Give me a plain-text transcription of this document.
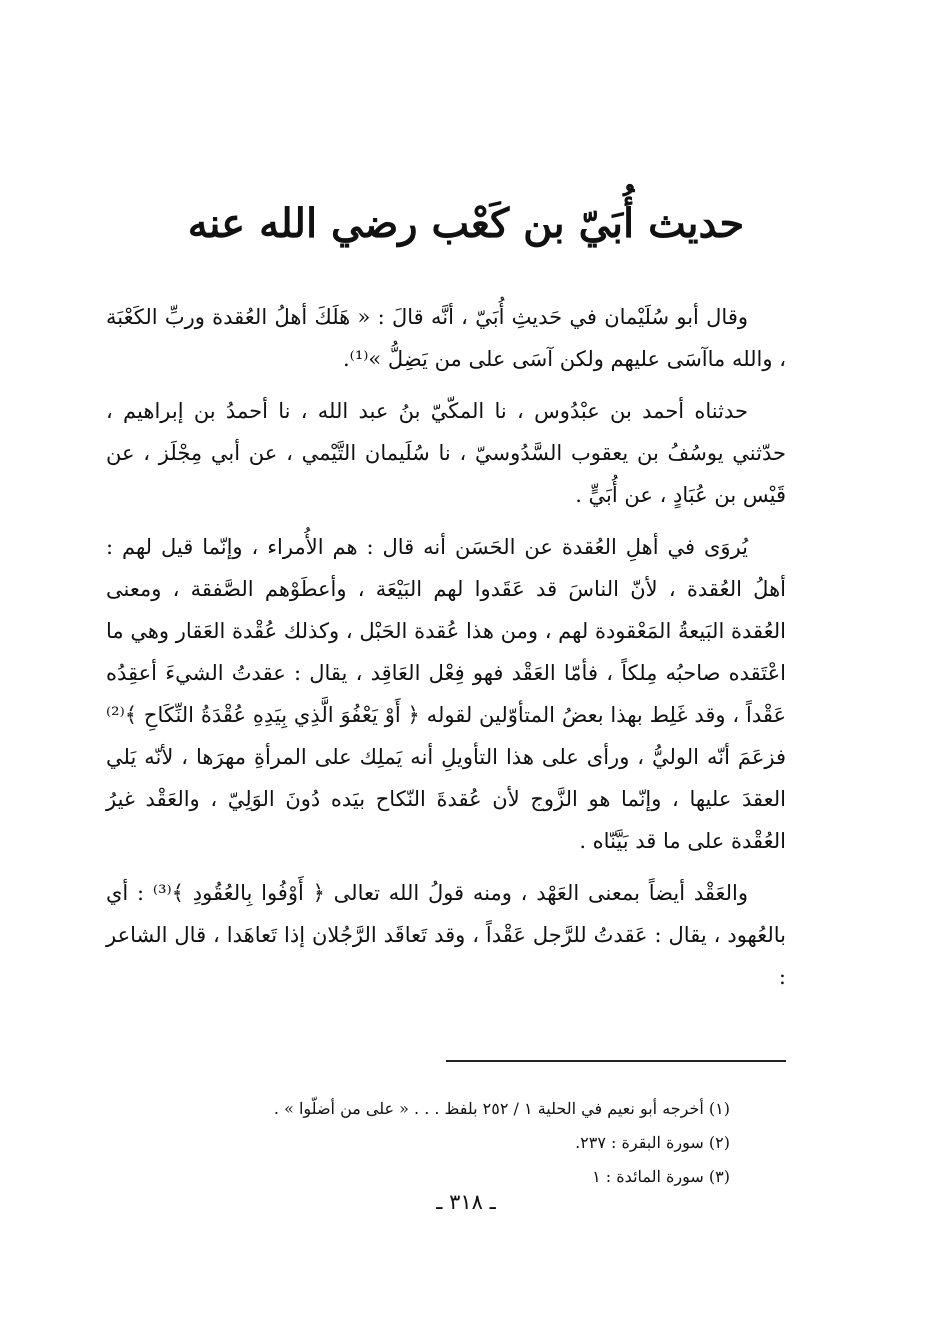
حديث أُبَيّ بن كَعْب رضي الله عنه

وقال أبو سُلَيْمان في حَديثِ أُبَيّ ، أنَّه قالَ : « هَلَكَ أهلُ العُقدة وربِّ الكَعْبَة ، والله ماآسَى عليهم ولكن آسَى على من يَضِلُّ »⁽¹⁾.

حدثناه أحمد بن عبْدُوس ، نا المكّيّ بنُ عبد الله ، نا أحمدُ بن إبراهيم ، حدّثني يوسُفُ بن يعقوب السَّدُوسيّ ، نا سُلَيمان التَّيْمي ، عن أبي مِجْلَز ، عن قَيْس بن عُبَادٍ ، عن أُبَيٍّ .

يُروَى في أهلِ العُقدة عن الحَسَن أنه قال : هم الأُمراء ، وإنّما قيل لهم : أهلُ العُقدة ، لأنّ الناسَ قد عَقَدوا لهم البَيْعَة ، وأعطَوْهم الصَّفقة ، ومعنى العُقدة البَيعةُ المَعْقودة لهم ، ومن هذا عُقدة الحَبْل ، وكذلك عُقْدة العَقار وهي ما اعْتَقده صاحبُه مِلكاً ، فأمّا العَقْد فهو فِعْل العَاقِد ، يقال : عقدتُ الشيءَ أعقِدُه عَقْداً ، وقد غَلِط بهذا بعضُ المتأوّلين لقوله ﴿ أَوْ يَعْفُوَ الَّذِي بِيَدِهِ عُقْدَةُ النِّكَاحِ ﴾⁽²⁾ فزعَمَ أنّه الوليُّ ، ورأى على هذا التأويلِ أنه يَملِك على المرأةِ مهرَها ، لأنّه يَلي العقدَ عليها ، وإنّما هو الزَّوج لأن عُقدةَ النّكاح بيَده دُونَ الوَلِيّ ، والعَقْد غيرُ العُقْدة على ما قد بَيَّنّاه .

والعَقْد أيضاً بمعنى العَهْد ، ومنه قولُ الله تعالى ﴿ أَوْفُوا بِالعُقُودِ ﴾⁽³⁾ : أي بالعُهود ، يقال : عَقدتُ للرَّجل عَقْداً ، وقد تَعاقَد الرَّجُلان إذا تَعاهَدا ، قال الشاعر :

(١) أخرجه أبو نعيم في الحلية ١ / ٢٥٢ بلفظ . . . « على من أضلّوا » .
(٢) سورة البقرة : ٢٣٧.
(٣) سورة المائدة : ١
ـ ٣١٨ ـ
